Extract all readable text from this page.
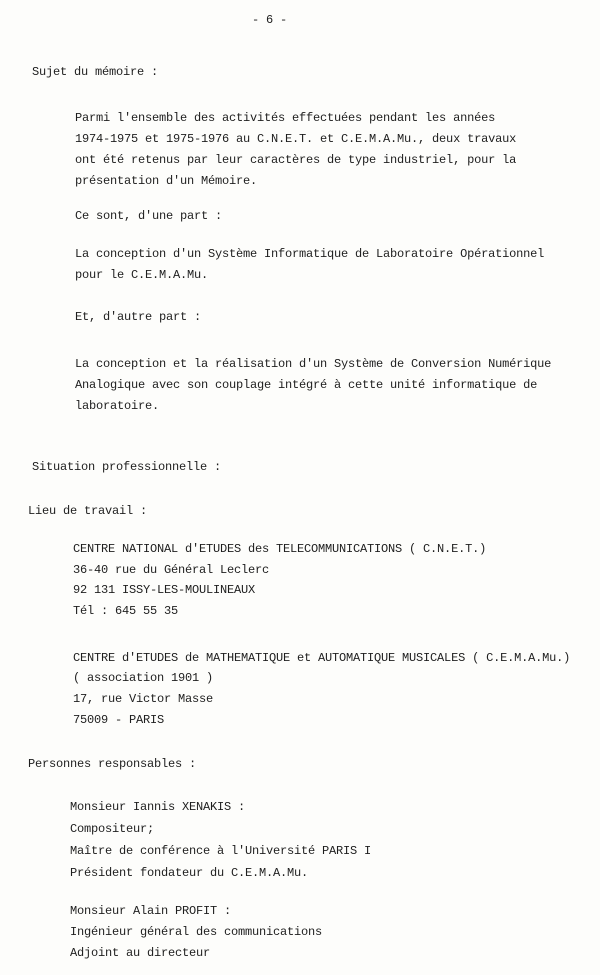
- 6 -
Sujet du mémoire :
Parmi l'ensemble des activités effectuées pendant les années
1974-1975 et 1975-1976 au C.N.E.T. et C.E.M.A.Mu., deux travaux
ont été retenus par leur caractères de type industriel, pour la
présentation d'un Mémoire.
Ce sont, d'une part :
La conception d'un Système Informatique de Laboratoire Opérationnel
pour le C.E.M.A.Mu.
Et, d'autre part :
La conception et la réalisation d'un Système de Conversion Numérique
Analogique avec son couplage intégré à cette unité informatique de
laboratoire.
Situation professionnelle :
Lieu de travail :
CENTRE NATIONAL d'ETUDES des TELECOMMUNICATIONS ( C.N.E.T.)
36-40 rue du Général Leclerc
92 131 ISSY-LES-MOULINEAUX
Tél : 645 55 35
CENTRE d'ETUDES de MATHEMATIQUE et AUTOMATIQUE MUSICALES ( C.E.M.A.Mu.)
( association 1901 )
17, rue Victor Masse
75009 - PARIS
Personnes responsables :
Monsieur Iannis XENAKIS :
Compositeur;
Maître de conférence à l'Université PARIS I
Président fondateur du C.E.M.A.Mu.
Monsieur Alain PROFIT :
Ingénieur général des communications
Adjoint au directeur
